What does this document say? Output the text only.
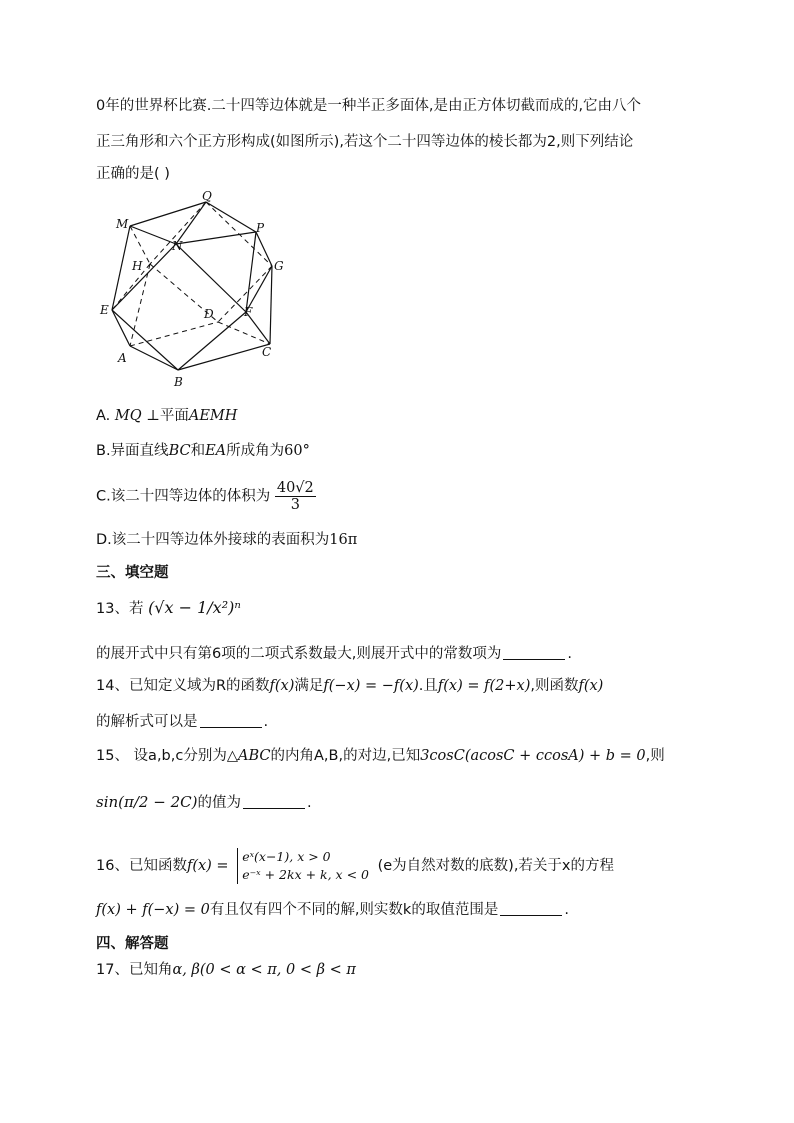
0年的世界杯比赛.二十四等边体就是一种半正多面体,是由正方体切截而成的,它由八个
正三角形和六个正方形构成(如图所示),若这个二十四等边体的棱长都为2,则下列结论
正确的是( )
Q
M
N
P
H	G
E	D	F
A	C
B
A. MQ ⊥平面AEMH
B.异面直线BC和EA所成角为60°
C.该二十四等边体的体积为 $\frac{40√2}{3}$
D.该二十四等边体外接球的表面积为16π
三、填空题
13、若 (√x − 1/x²)ⁿ
的展开式中只有第6项的二项式系数最大,则展开式中的常数项为	.
14、已知定义域为R的函数f(x)满足f(−x) = −f(x).且f(x) = f(2+x),则函数f(x)
的解析式可以是	.
15、 设a,b,c分别为△ABC的内角A,B,的对边,已知3cosC(acosC + ccosA) + b = 0,则
sin(π/2 − 2C)的值为	.
16、已知函数f(x) =
eˣ(x−1), x > 0
e⁻ˣ + 2kx + k, x < 0
(e为自然对数的底数),若关于x的方程
f(x) + f(−x) = 0有且仅有四个不同的解,则实数k的取值范围是	.
四、解答题
17、已知角α, β(0 < α < π, 0 < β < π
